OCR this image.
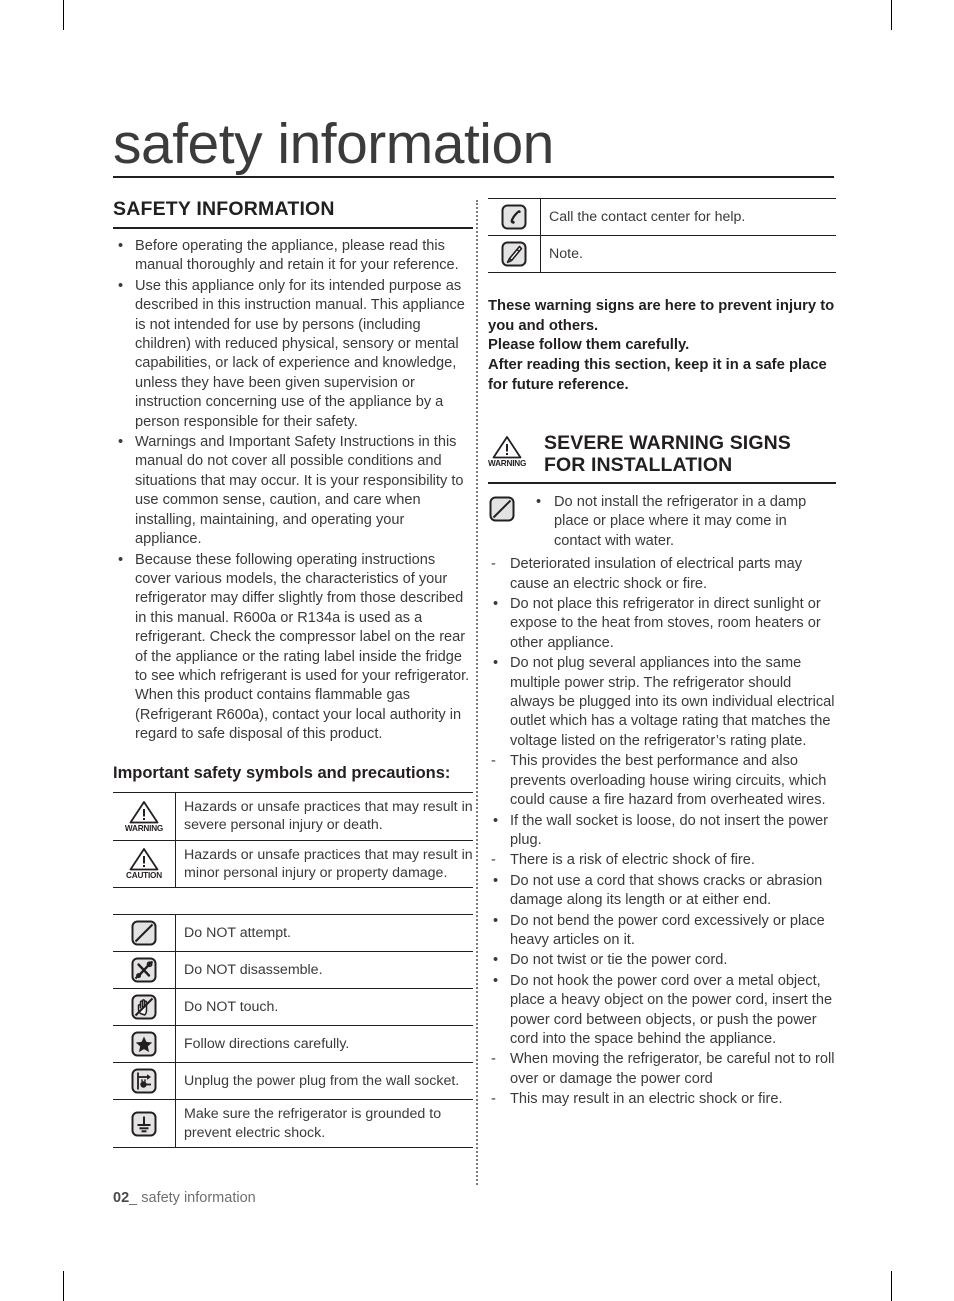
safety information
SAFETY INFORMATION
• Before operating the appliance, please read this manual thoroughly and retain it for your reference.
• Use this appliance only for its intended purpose as described in this instruction manual. This appliance is not intended for use by persons (including children) with reduced physical, sensory or mental capabilities, or lack of experience and knowledge, unless they have been given supervision or instruction concerning use of the appliance by a person responsible for their safety.
• Warnings and Important Safety Instructions in this manual do not cover all possible conditions and situations that may occur. It is your responsibility to use common sense, caution, and care when installing, maintaining, and operating your appliance.
• Because these following operating instructions cover various models, the characteristics of your refrigerator may differ slightly from those described in this manual. R600a or R134a is used as a refrigerant. Check the compressor label on the rear of the appliance or the rating label inside the fridge to see which refrigerant is used for your refrigerator. When this product contains flammable gas (Refrigerant R600a), contact your local authority in regard to safe disposal of this product.
Important safety symbols and precautions:
WARNING	Hazards or unsafe practices that may result in severe personal injury or death.

CAUTION	Hazards or unsafe practices that may result in minor personal injury or property damage.
	Do NOT attempt.
	Do NOT disassemble.
	Do NOT touch.
	Follow directions carefully.
	Unplug the power plug from the wall socket.
	Make sure the refrigerator is grounded to prevent electric shock.
	Call the contact center for help.
	Note.

These warning signs are here to prevent injury to you and others.

Please follow them carefully.

After reading this section, keep it in a safe place for future reference.

WARNING
SEVERE WARNING SIGNS FOR INSTALLATION
• Do not install the refrigerator in a damp place or place where it may come in contact with water.
- Deteriorated insulation of electrical parts may cause an electric shock or fire.
• Do not place this refrigerator in direct sunlight or expose to the heat from stoves, room heaters or other appliance.
• Do not plug several appliances into the same multiple power strip. The refrigerator should always be plugged into its own individual electrical outlet which has a voltage rating that matches the voltage listed on the refrigerator’s rating plate.
- This provides the best performance and also prevents overloading house wiring circuits, which could cause a fire hazard from overheated wires.
• If the wall socket is loose, do not insert the power plug.
- There is a risk of electric shock of fire.
• Do not use a cord that shows cracks or abrasion damage along its length or at either end.
• Do not bend the power cord excessively or place heavy articles on it.
• Do not twist or tie the power cord.
• Do not hook the power cord over a metal object, place a heavy object on the power cord, insert the power cord between objects, or push the power cord into the space behind the appliance.
- When moving the refrigerator, be careful not to roll over or damage the power cord
- This may result in an electric shock or fire.
02_ safety information
